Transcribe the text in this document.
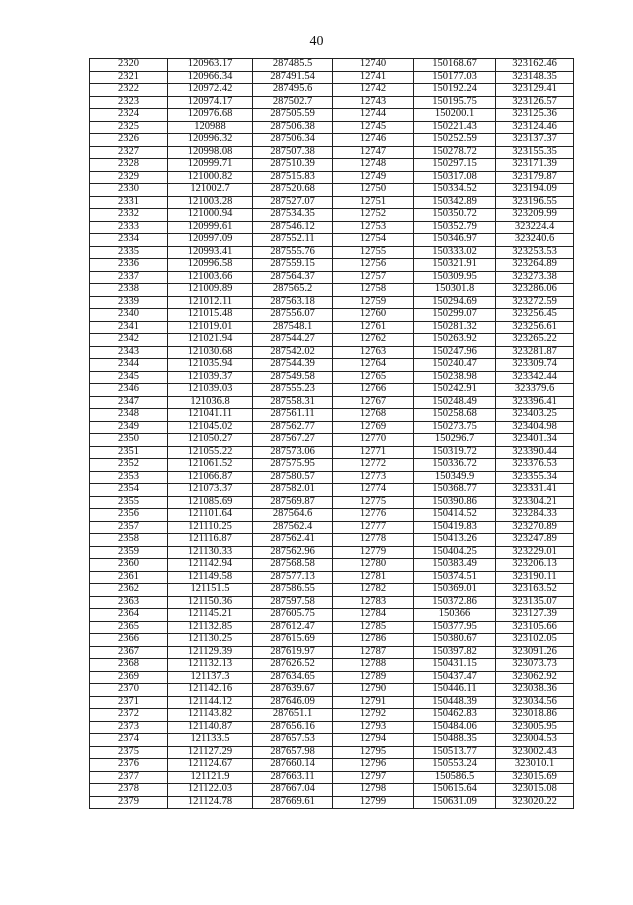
40
2320	120963.17	287485.5	12740	150168.67	323162.46
2321	120966.34	287491.54	12741	150177.03	323148.35
2322	120972.42	287495.6	12742	150192.24	323129.41
2323	120974.17	287502.7	12743	150195.75	323126.57
2324	120976.68	287505.59	12744	150200.1	323125.36
2325	120988	287506.38	12745	150221.43	323124.46
2326	120996.32	287506.34	12746	150252.59	323137.37
2327	120998.08	287507.38	12747	150278.72	323155.35
2328	120999.71	287510.39	12748	150297.15	323171.39
2329	121000.82	287515.83	12749	150317.08	323179.87
2330	121002.7	287520.68	12750	150334.52	323194.09
2331	121003.28	287527.07	12751	150342.89	323196.55
2332	121000.94	287534.35	12752	150350.72	323209.99
2333	120999.61	287546.12	12753	150352.79	323224.4
2334	120997.09	287552.11	12754	150346.97	323240.6
2335	120993.41	287555.76	12755	150333.02	323253.53
2336	120996.58	287559.15	12756	150321.91	323264.89
2337	121003.66	287564.37	12757	150309.95	323273.38
2338	121009.89	287565.2	12758	150301.8	323286.06
2339	121012.11	287563.18	12759	150294.69	323272.59
2340	121015.48	287556.07	12760	150299.07	323256.45
2341	121019.01	287548.1	12761	150281.32	323256.61
2342	121021.94	287544.27	12762	150263.92	323265.22
2343	121030.68	287542.02	12763	150247.96	323281.87
2344	121035.94	287544.39	12764	150240.47	323309.74
2345	121039.37	287549.58	12765	150238.98	323342.44
2346	121039.03	287555.23	12766	150242.91	323379.6
2347	121036.8	287558.31	12767	150248.49	323396.41
2348	121041.11	287561.11	12768	150258.68	323403.25
2349	121045.02	287562.77	12769	150273.75	323404.98
2350	121050.27	287567.27	12770	150296.7	323401.34
2351	121055.22	287573.06	12771	150319.72	323390.44
2352	121061.52	287575.95	12772	150336.72	323376.53
2353	121066.87	287580.57	12773	150349.9	323355.34
2354	121073.37	287582.01	12774	150368.77	323331.41
2355	121085.69	287569.87	12775	150390.86	323304.21
2356	121101.64	287564.6	12776	150414.52	323284.33
2357	121110.25	287562.4	12777	150419.83	323270.89
2358	121116.87	287562.41	12778	150413.26	323247.89
2359	121130.33	287562.96	12779	150404.25	323229.01
2360	121142.94	287568.58	12780	150383.49	323206.13
2361	121149.58	287577.13	12781	150374.51	323190.11
2362	121151.5	287586.55	12782	150369.01	323163.52
2363	121150.36	287597.58	12783	150372.86	323135.07
2364	121145.21	287605.75	12784	150366	323127.39
2365	121132.85	287612.47	12785	150377.95	323105.66
2366	121130.25	287615.69	12786	150380.67	323102.05
2367	121129.39	287619.97	12787	150397.82	323091.26
2368	121132.13	287626.52	12788	150431.15	323073.73
2369	121137.3	287634.65	12789	150437.47	323062.92
2370	121142.16	287639.67	12790	150446.11	323038.36
2371	121144.12	287646.09	12791	150448.39	323034.56
2372	121143.82	287651.1	12792	150462.83	323018.86
2373	121140.87	287656.16	12793	150484.06	323005.95
2374	121133.5	287657.53	12794	150488.35	323004.53
2375	121127.29	287657.98	12795	150513.77	323002.43
2376	121124.67	287660.14	12796	150553.24	323010.1
2377	121121.9	287663.11	12797	150586.5	323015.69
2378	121122.03	287667.04	12798	150615.64	323015.08
2379	121124.78	287669.61	12799	150631.09	323020.22
